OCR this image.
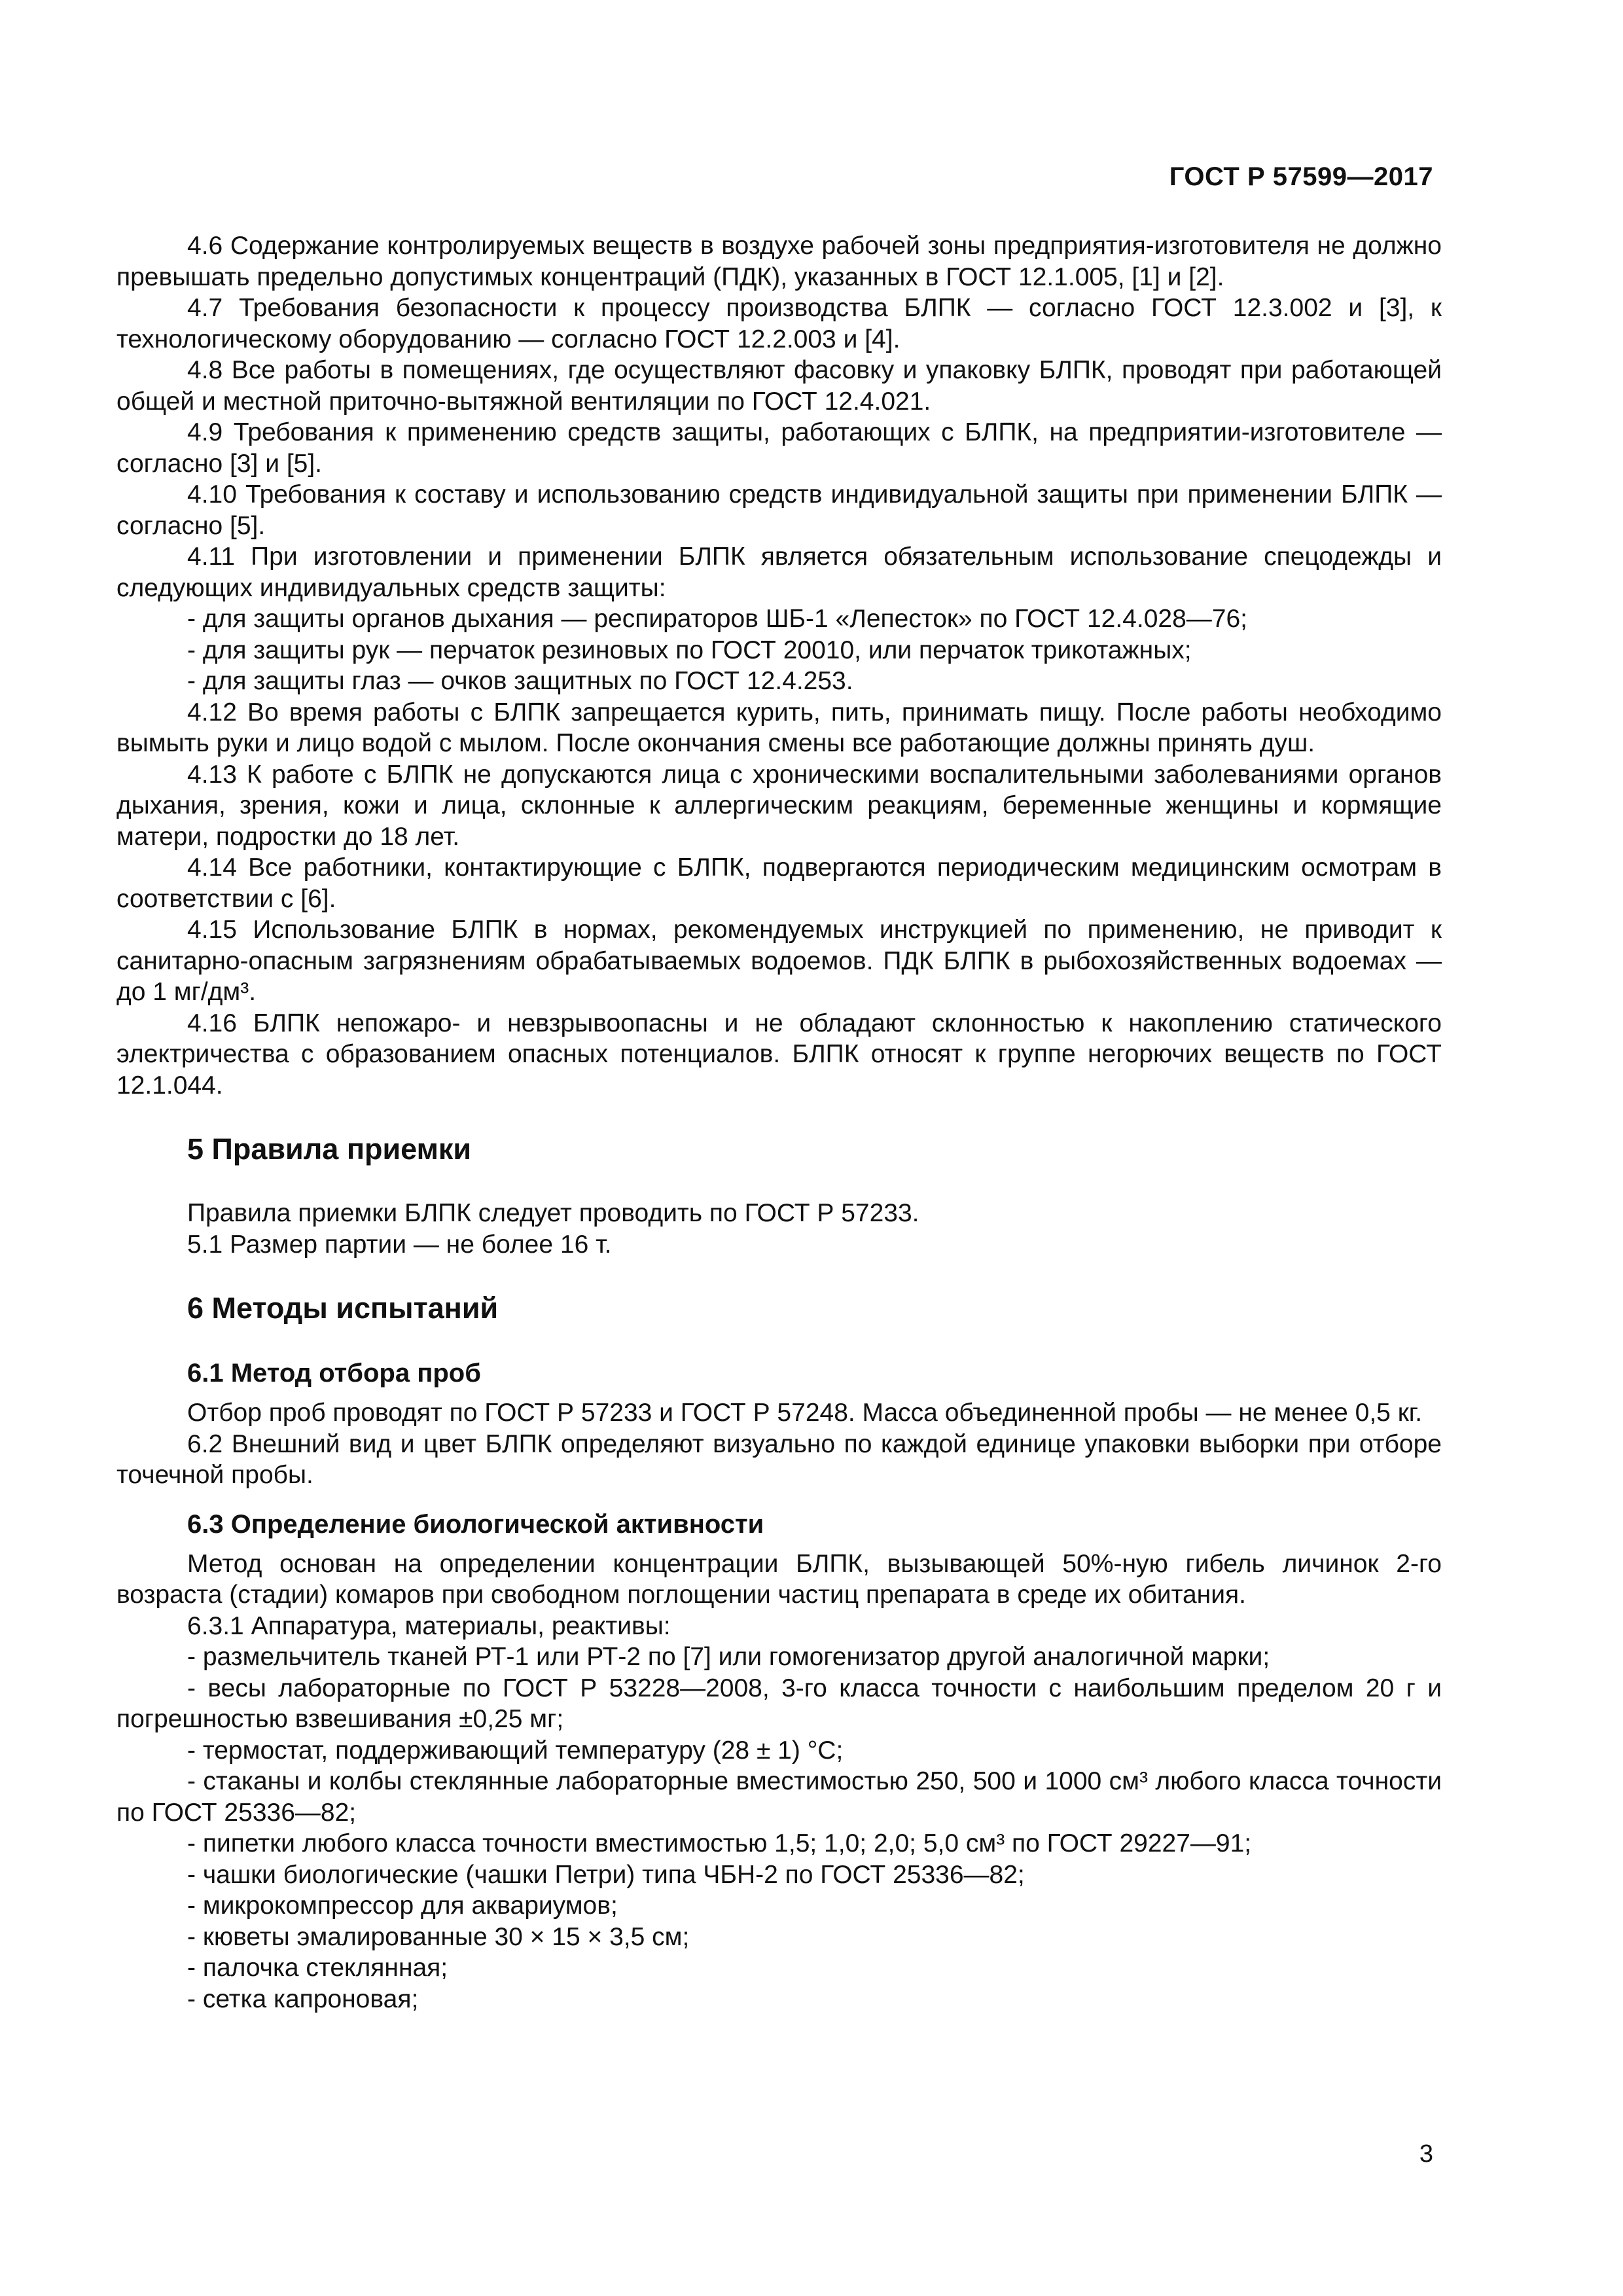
ГОСТ Р 57599—2017

4.6 Содержание контролируемых веществ в воздухе рабочей зоны предприятия-изготовителя не должно превышать предельно допустимых концентраций (ПДК), указанных в ГОСТ 12.1.005, [1] и [2].

4.7 Требования безопасности к процессу производства БЛПК — согласно ГОСТ 12.3.002 и [3], к технологическому оборудованию — согласно ГОСТ 12.2.003 и [4].

4.8 Все работы в помещениях, где осуществляют фасовку и упаковку БЛПК, проводят при работающей общей и местной приточно-вытяжной вентиляции по ГОСТ 12.4.021.

4.9 Требования к применению средств защиты, работающих с БЛПК, на предприятии-изготовителе — согласно [3] и [5].

4.10 Требования к составу и использованию средств индивидуальной защиты при применении БЛПК — согласно [5].

4.11 При изготовлении и применении БЛПК является обязательным использование спецодежды и следующих индивидуальных средств защиты:

- для защиты органов дыхания — респираторов ШБ-1 «Лепесток» по ГОСТ 12.4.028—76;

- для защиты рук — перчаток резиновых по ГОСТ 20010, или перчаток трикотажных;

- для защиты глаз — очков защитных по ГОСТ 12.4.253.

4.12 Во время работы с БЛПК запрещается курить, пить, принимать пищу. После работы необходимо вымыть руки и лицо водой с мылом. После окончания смены все работающие должны принять душ.

4.13 К работе с БЛПК не допускаются лица с хроническими воспалительными заболеваниями органов дыхания, зрения, кожи и лица, склонные к аллергическим реакциям, беременные женщины и кормящие матери, подростки до 18 лет.

4.14 Все работники, контактирующие с БЛПК, подвергаются периодическим медицинским осмотрам в соответствии с [6].

4.15 Использование БЛПК в нормах, рекомендуемых инструкцией по применению, не приводит к санитарно-опасным загрязнениям обрабатываемых водоемов. ПДК БЛПК в рыбохозяйственных водоемах — до 1 мг/дм³.

4.16 БЛПК непожаро- и невзрывоопасны и не обладают склонностью к накоплению статического электричества с образованием опасных потенциалов. БЛПК относят к группе негорючих веществ по ГОСТ 12.1.044.

5 Правила приемки

Правила приемки БЛПК следует проводить по ГОСТ Р 57233.

5.1 Размер партии — не более 16 т.

6 Методы испытаний
6.1 Метод отбора проб

Отбор проб проводят по ГОСТ Р 57233 и ГОСТ Р 57248. Масса объединенной пробы — не менее 0,5 кг.

6.2 Внешний вид и цвет БЛПК определяют визуально по каждой единице упаковки выборки при отборе точечной пробы.

6.3 Определение биологической активности

Метод основан на определении концентрации БЛПК, вызывающей 50%-ную гибель личинок 2-го возраста (стадии) комаров при свободном поглощении частиц препарата в среде их обитания.

6.3.1 Аппаратура, материалы, реактивы:

- размельчитель тканей РТ-1 или РТ-2 по [7] или гомогенизатор другой аналогичной марки;

- весы лабораторные по ГОСТ Р 53228—2008, 3-го класса точности с наибольшим пределом 20 г и погрешностью взвешивания ±0,25 мг;

- термостат, поддерживающий температуру (28 ± 1) °С;

- стаканы и колбы стеклянные лабораторные вместимостью 250, 500 и 1000 см³ любого класса точности по ГОСТ 25336—82;

- пипетки любого класса точности вместимостью 1,5; 1,0; 2,0; 5,0 см³ по ГОСТ 29227—91;

- чашки биологические (чашки Петри) типа ЧБН-2 по ГОСТ 25336—82;

- микрокомпрессор для аквариумов;

- кюветы эмалированные 30 × 15 × 3,5 см;

- палочка стеклянная;

- сетка капроновая;

3
